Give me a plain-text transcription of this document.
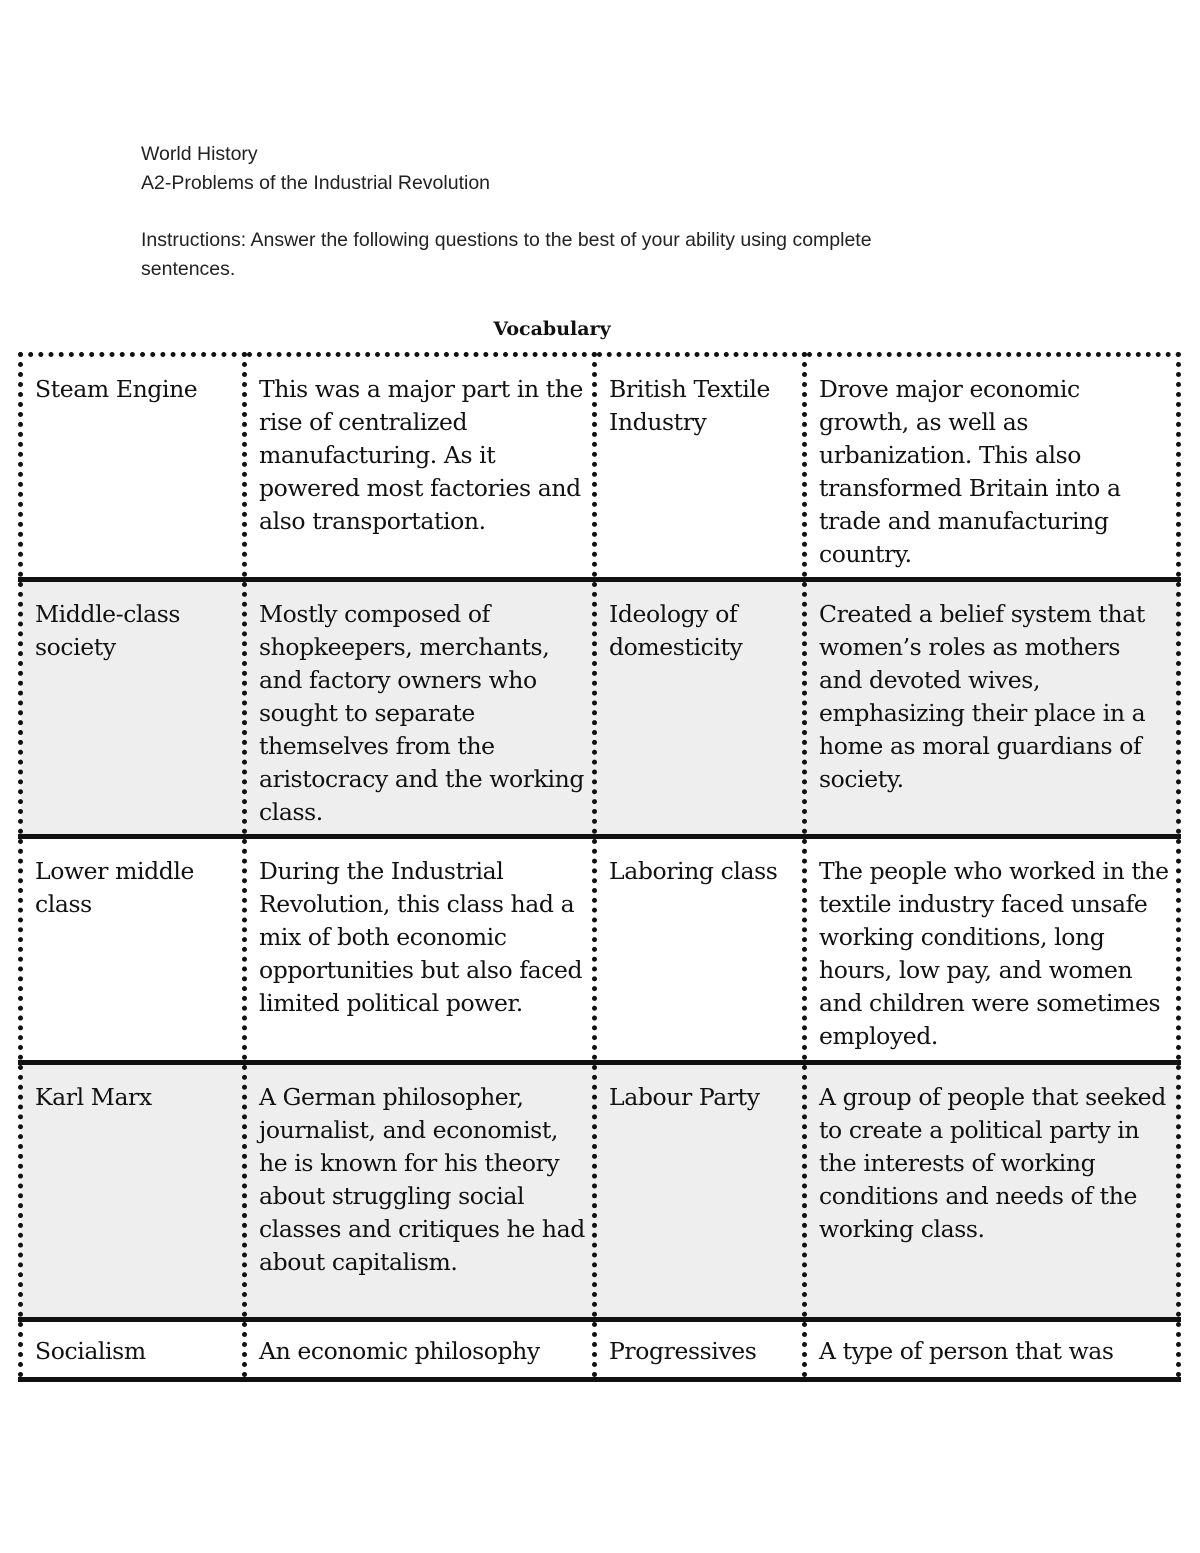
World History
A2-Problems of the Industrial Revolution
Instructions: Answer the following questions to the best of your ability using complete sentences.
Vocabulary
Steam Engine	This was a major part in the rise of centralized manufacturing. As it powered most factories and also transportation.	British Textile Industry	Drove major economic growth, as well as urbanization. This also transformed Britain into a trade and manufacturing country.
Middle-class society	Mostly composed of shopkeepers, merchants, and factory owners who sought to separate themselves from the aristocracy and the working class.	Ideology of domesticity	Created a belief system that women’s roles as mothers and devoted wives, emphasizing their place in a home as moral guardians of society.
Lower middle class	During the Industrial Revolution, this class had a mix of both economic opportunities but also faced limited political power.	Laboring class	The people who worked in the textile industry faced unsafe working conditions, long hours, low pay, and women and children were sometimes employed.
Karl Marx	A German philosopher, journalist, and economist, he is known for his theory about struggling social classes and critiques he had about capitalism.	Labour Party	A group of people that seeked to create a political party in the interests of working conditions and needs of the working class.
Socialism	An economic philosophy	Progressives	A type of person that was
